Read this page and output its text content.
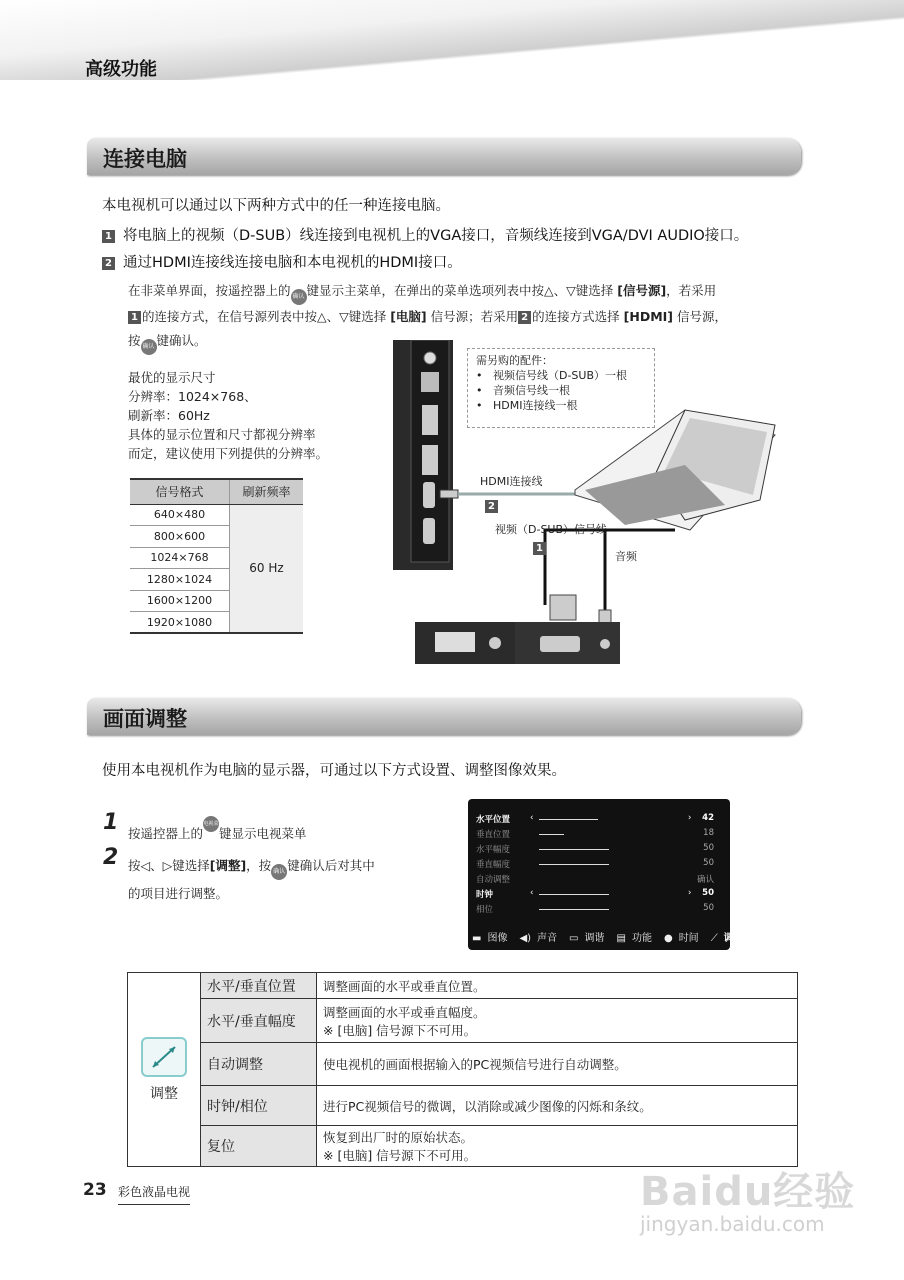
高级功能
连接电脑
本电视机可以通过以下两种方式中的任一种连接电脑。
1 将电脑上的视频（D-SUB）线连接到电视机上的VGA接口，音频线连接到VGA/DVI AUDIO接口。
2 通过HDMI连接线连接电脑和本电视机的HDMI接口。
在非菜单界面，按遥控器上的 确认 键显示主菜单，在弹出的菜单选项列表中按△、▽键选择 [信号源]，若采用
1 的连接方式，在信号源列表中按△、▽键选择 [电脑] 信号源；若采用 2 的连接方式选择 [HDMI] 信号源，
按 确认 键确认。
最优的显示尺寸
分辨率：1024×768、
刷新率：60Hz
具体的显示位置和尺寸都视分辨率
而定，建议使用下列提供的分辨率。
信号格式	刷新频率
640×480	60 Hz
800×600	
1024×768	
1280×1024	
1600×1200	
1920×1080	
需另购的配件：
•   视频信号线（D-SUB）一根
•   音频信号线一根
•   HDMI连接线一根
HDMI连接线
2
视频（D-SUB）信号线
1
音频
画面调整
使用本电视机作为电脑的显示器，可通过以下方式设置、调整图像效果。
1 按遥控器上的电视菜单 键显示电视菜单
2 按◁、▷键选择[调整]，按 确认 键确认后对其中
的项目进行调整。
水平位置 ‹	› 42
垂直位置	18
水平幅度	50
垂直幅度	50
自动调整	确认
时钟	‹	› 50
相位	50
▬ 图像 ◀) 声音 ▭ 调谐 ▤ 功能 ● 时间 ⟋ 调整
调整	水平/垂直位置	调整画面的水平或垂直位置。
	水平/垂直幅度	调整画面的水平或垂直幅度。
※ [电脑] 信号源下不可用。

	自动调整	使电视机的画面根据输入的PC视频信号进行自动调整。
	时钟/相位	进行PC视频信号的微调，以消除或减少图像的闪烁和条纹。
	复位	恢复到出厂时的原始状态。
※ [电脑] 信号源下不可用。
23 彩色液晶电视	Baidu经验
jingyan.baidu.com
